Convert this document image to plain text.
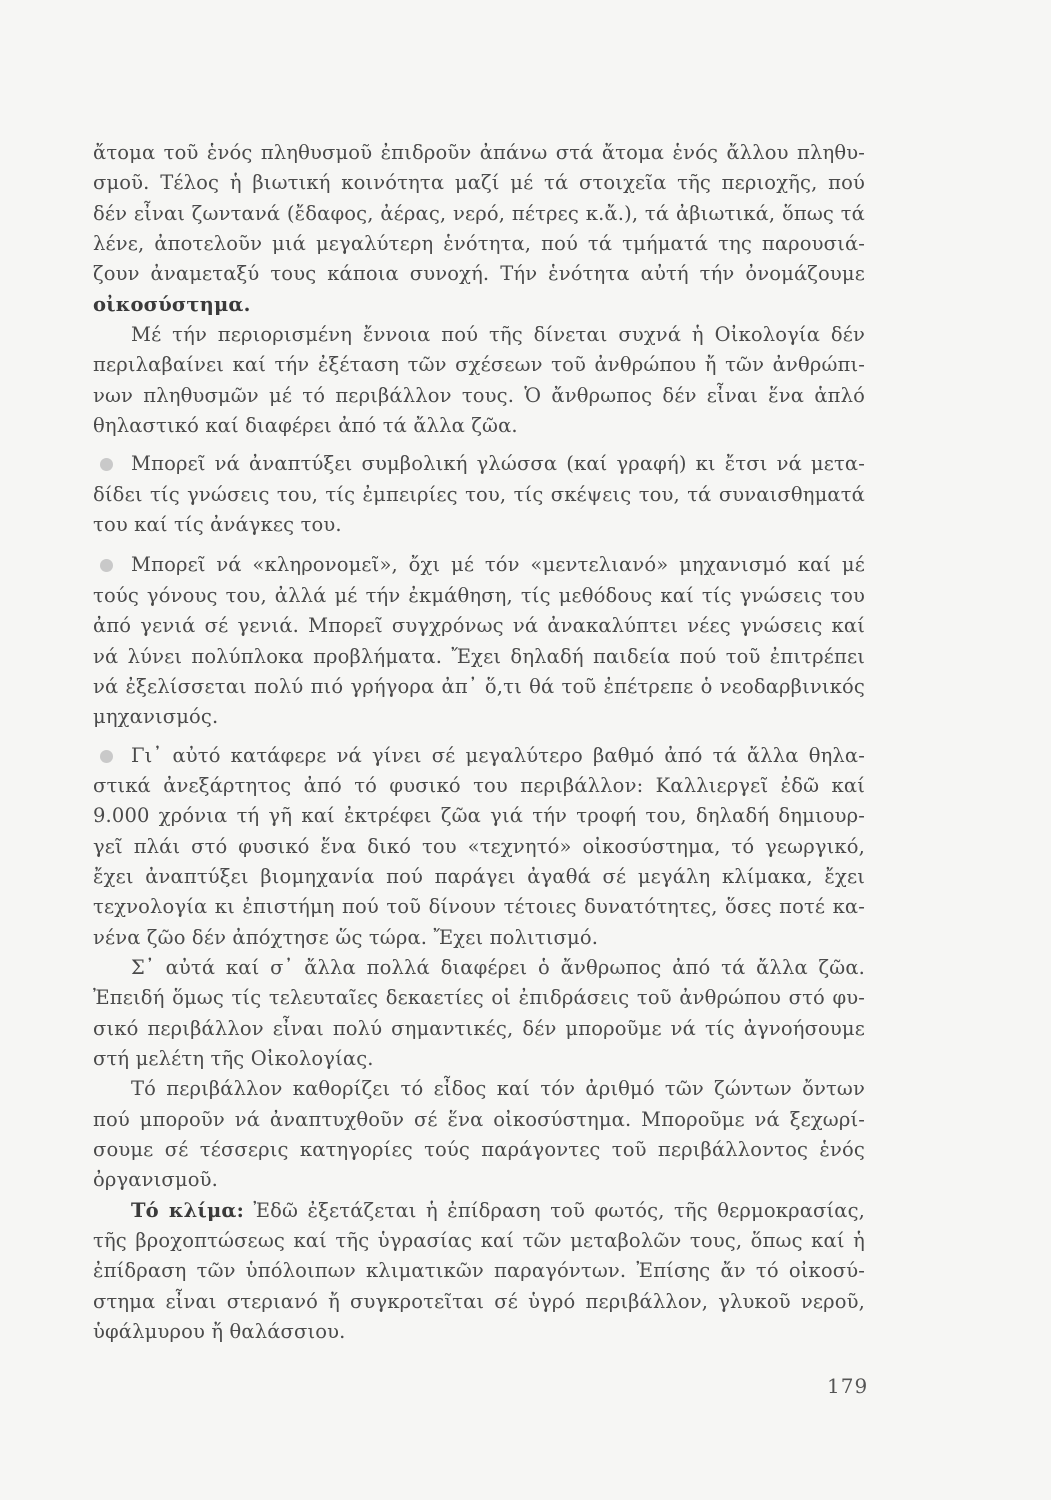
ἄτομα τοῦ ἑνός πληθυσμοῦ ἐπιδροῦν ἀπάνω στά ἄτομα ἑνός ἄλλου πληθυ-
σμοῦ. Τέλος ἡ βιωτική κοινότητα μαζί μέ τά στοιχεῖα τῆς περιοχῆς, πού
δέν εἶναι ζωντανά (ἔδαφος, ἀέρας, νερό, πέτρες κ.ἄ.), τά ἀβιωτικά, ὅπως τά
λένε, ἀποτελοῦν μιά μεγαλύτερη ἑνότητα, πού τά τμήματά της παρουσιά-
ζουν ἀναμεταξύ τους κάποια συνοχή. Τήν ἑνότητα αὐτή τήν ὀνομάζουμε
οἰκοσύστημα.
Μέ τήν περιορισμένη ἔννοια πού τῆς δίνεται συχνά ἡ Οἰκολογία δέν
περιλαβαίνει καί τήν ἐξέταση τῶν σχέσεων τοῦ ἀνθρώπου ἤ τῶν ἀνθρώπι-
νων πληθυσμῶν μέ τό περιβάλλον τους. Ὁ ἄνθρωπος δέν εἶναι ἕνα ἁπλό
θηλαστικό καί διαφέρει ἀπό τά ἄλλα ζῶα.
Μπορεῖ νά ἀναπτύξει συμβολική γλώσσα (καί γραφή) κι ἔτσι νά μετα-
δίδει τίς γνώσεις του, τίς ἐμπειρίες του, τίς σκέψεις του, τά συναισθηματά
του καί τίς ἀνάγκες του.
Μπορεῖ νά «κληρονομεῖ», ὄχι μέ τόν «μεντελιανό» μηχανισμό καί μέ
τούς γόνους του, ἀλλά μέ τήν ἐκμάθηση, τίς μεθόδους καί τίς γνώσεις του
ἀπό γενιά σέ γενιά. Μπορεῖ συγχρόνως νά ἀνακαλύπτει νέες γνώσεις καί
νά λύνει πολύπλοκα προβλήματα. Ἔχει δηλαδή παιδεία πού τοῦ ἐπιτρέπει
νά ἐξελίσσεται πολύ πιό γρήγορα ἀπ᾽ ὅ,τι θά τοῦ ἐπέτρεπε ὁ νεοδαρβινικός
μηχανισμός.
Γι᾽ αὐτό κατάφερε νά γίνει σέ μεγαλύτερο βαθμό ἀπό τά ἄλλα θηλα-
στικά ἀνεξάρτητος ἀπό τό φυσικό του περιβάλλον: Καλλιεργεῖ ἐδῶ καί
9.000 χρόνια τή γῆ καί ἐκτρέφει ζῶα γιά τήν τροφή του, δηλαδή δημιουρ-
γεῖ πλάι στό φυσικό ἕνα δικό του «τεχνητό» οἰκοσύστημα, τό γεωργικό,
ἔχει ἀναπτύξει βιομηχανία πού παράγει ἀγαθά σέ μεγάλη κλίμακα, ἔχει
τεχνολογία κι ἐπιστήμη πού τοῦ δίνουν τέτοιες δυνατότητες, ὅσες ποτέ κα-
νένα ζῶο δέν ἀπόχτησε ὥς τώρα. Ἔχει πολιτισμό.
Σ᾽ αὐτά καί σ᾽ ἄλλα πολλά διαφέρει ὁ ἄνθρωπος ἀπό τά ἄλλα ζῶα.
Ἐπειδή ὅμως τίς τελευταῖες δεκαετίες οἱ ἐπιδράσεις τοῦ ἀνθρώπου στό φυ-
σικό περιβάλλον εἶναι πολύ σημαντικές, δέν μποροῦμε νά τίς ἀγνοήσουμε
στή μελέτη τῆς Οἰκολογίας.
Τό περιβάλλον καθορίζει τό εἶδος καί τόν ἀριθμό τῶν ζώντων ὄντων
πού μποροῦν νά ἀναπτυχθοῦν σέ ἕνα οἰκοσύστημα. Μποροῦμε νά ξεχωρί-
σουμε σέ τέσσερις κατηγορίες τούς παράγοντες τοῦ περιβάλλοντος ἑνός
ὀργανισμοῦ.
Τό κλίμα: Ἐδῶ ἐξετάζεται ἡ ἐπίδραση τοῦ φωτός, τῆς θερμοκρασίας,
τῆς βροχοπτώσεως καί τῆς ὑγρασίας καί τῶν μεταβολῶν τους, ὅπως καί ἡ
ἐπίδραση τῶν ὑπόλοιπων κλιματικῶν παραγόντων. Ἐπίσης ἄν τό οἰκοσύ-
στημα εἶναι στεριανό ἤ συγκροτεῖται σέ ὑγρό περιβάλλον, γλυκοῦ νεροῦ,
ὑφάλμυρου ἤ θαλάσσιου.
179
